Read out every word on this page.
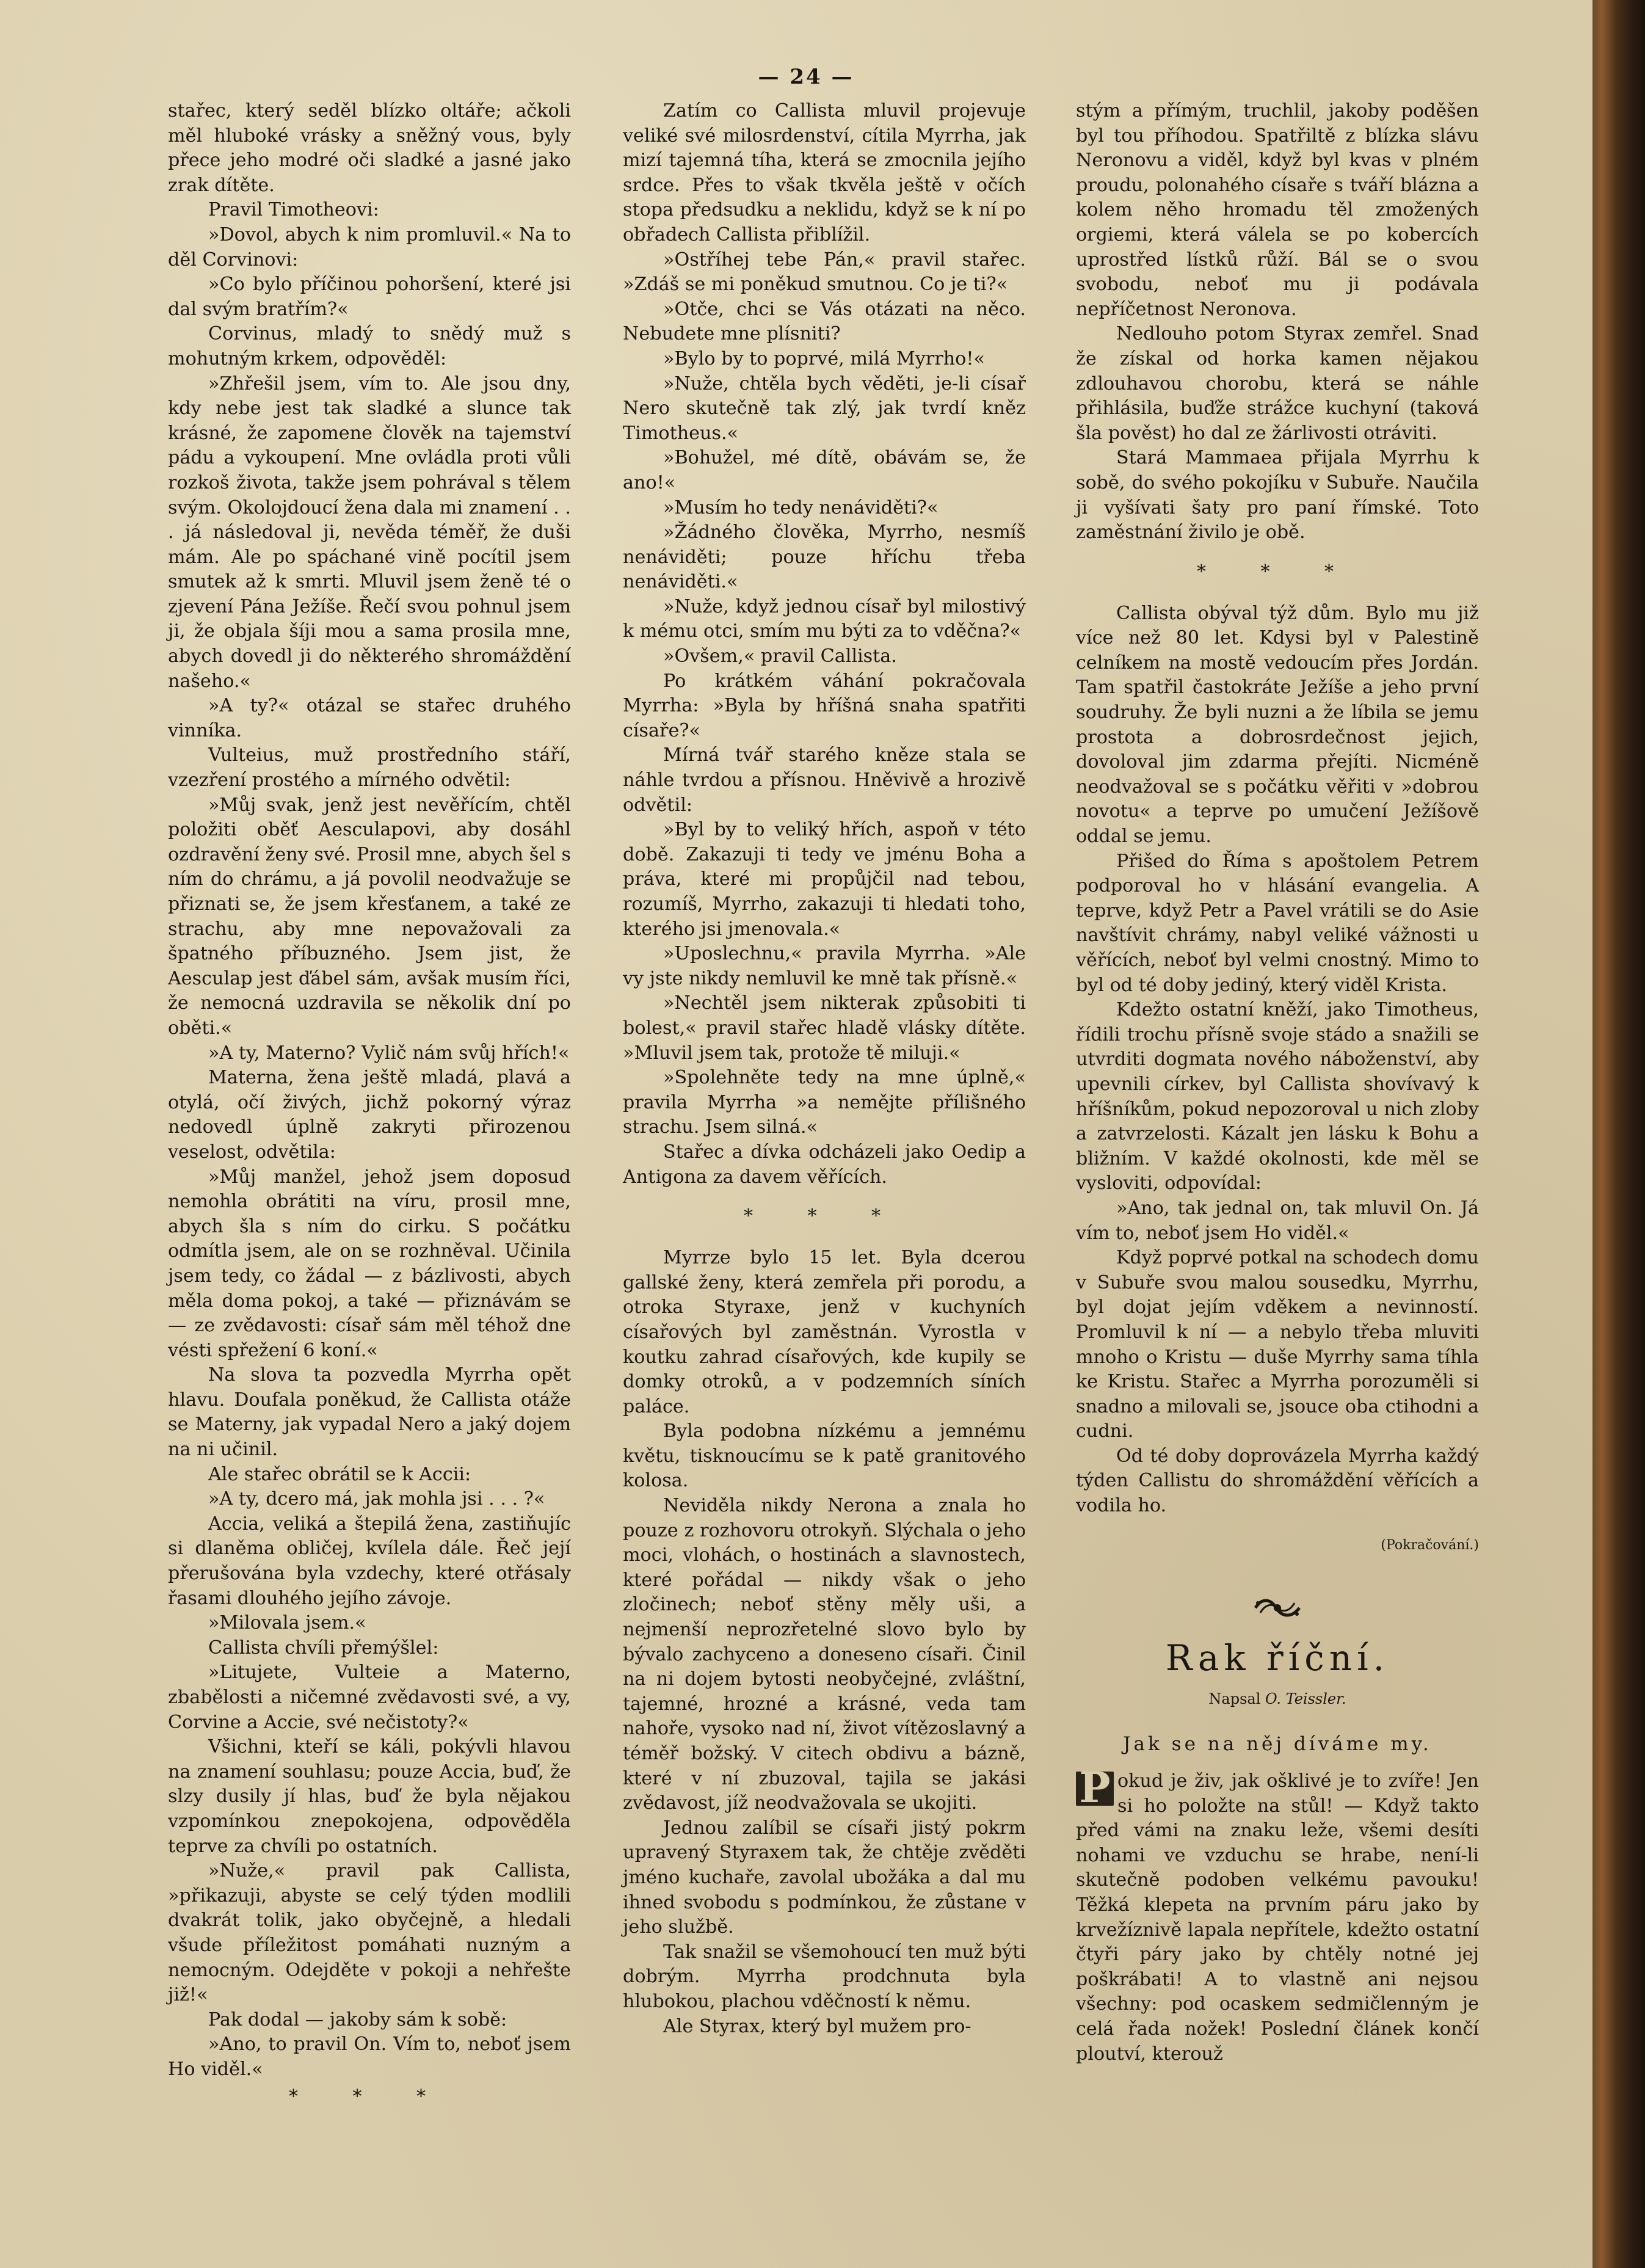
— 24 —

stařec, který seděl blízko oltáře; ačkoli měl hluboké vrásky a sněžný vous, byly přece jeho modré oči sladké a jasné jako zrak dítěte.

Pravil Timotheovi:

»Dovol, abych k nim promluvil.« Na to děl Corvinovi:

»Co bylo příčinou pohoršení, které jsi dal svým bratřím?«

Corvinus, mladý to snědý muž s mohutným krkem, odpověděl:

»Zhřešil jsem, vím to. Ale jsou dny, kdy nebe jest tak sladké a slunce tak krásné, že zapomene člověk na tajemství pádu a vykoupení. Mne ovládla proti vůli rozkoš života, takže jsem pohrával s tělem svým. Okolojdoucí žena dala mi znamení . . . já následoval ji, nevěda téměř, že duši mám. Ale po spáchané vině pocítil jsem smutek až k smrti. Mluvil jsem ženě té o zjevení Pána Ježíše. Řečí svou pohnul jsem ji, že objala šíji mou a sama prosila mne, abych dovedl ji do některého shromáždění našeho.«

»A ty?« otázal se stařec druhého vinníka.

Vulteius, muž prostředního stáří, vzezření prostého a mírného odvětil:

»Můj svak, jenž jest nevěřícím, chtěl položiti oběť Aesculapovi, aby dosáhl ozdravění ženy své. Prosil mne, abych šel s ním do chrámu, a já povolil neodvažuje se přiznati se, že jsem křesťanem, a také ze strachu, aby mne nepovažovali za špatného příbuzného. Jsem jist, že Aesculap jest ďábel sám, avšak musím říci, že nemocná uzdravila se několik dní po oběti.«

»A ty, Materno? Vylič nám svůj hřích!«

Materna, žena ještě mladá, plavá a otylá, očí živých, jichž pokorný výraz nedovedl úplně zakryti přirozenou veselost, odvětila:

»Můj manžel, jehož jsem doposud nemohla obrátiti na víru, prosil mne, abych šla s ním do cirku. S počátku odmítla jsem, ale on se rozhněval. Učinila jsem tedy, co žádal — z bázlivosti, abych měla doma pokoj, a také — přiznávám se — ze zvědavosti: císař sám měl téhož dne vésti spřežení 6 koní.«

Na slova ta pozvedla Myrrha opět hlavu. Doufala poněkud, že Callista otáže se Materny, jak vypadal Nero a jaký dojem na ni učinil.

Ale stařec obrátil se k Accii:

»A ty, dcero má, jak mohla jsi . . . ?«

Accia, veliká a štepilá žena, zastiňujíc si dlaněma obličej, kvílela dále. Řeč její přerušována byla vzdechy, které otřásaly řasami dlouhého jejího závoje.

»Milovala jsem.«

Callista chvíli přemýšlel:

»Litujete, Vulteie a Materno, zbabělosti a ničemné zvědavosti své, a vy, Corvine a Accie, své nečistoty?«

Všichni, kteří se káli, pokývli hlavou na znamení souhlasu; pouze Accia, buď, že slzy dusily jí hlas, buď že byla nějakou vzpomínkou znepokojena, odpověděla teprve za chvíli po ostatních.

»Nuže,« pravil pak Callista, »přikazuji, abyste se celý týden modlili dvakrát tolik, jako obyčejně, a hledali všude příležitost pomáhati nuzným a nemocným. Odejděte v pokoji a nehřešte již!«

Pak dodal — jakoby sám k sobě:

»Ano, to pravil On. Vím to, neboť jsem Ho viděl.«

* * *

Zatím co Callista mluvil projevuje veliké své milosrdenství, cítila Myrrha, jak mizí tajemná tíha, která se zmocnila jejího srdce. Přes to však tkvěla ještě v očích stopa předsudku a neklidu, když se k ní po obřadech Callista přiblížil.

»Ostříhej tebe Pán,« pravil stařec. »Zdáš se mi poněkud smutnou. Co je ti?«

»Otče, chci se Vás otázati na něco. Nebudete mne plísniti?

»Bylo by to poprvé, milá Myrrho!«

»Nuže, chtěla bych věděti, je-li císař Nero skutečně tak zlý, jak tvrdí kněz Timotheus.«

»Bohužel, mé dítě, obávám se, že ano!«

»Musím ho tedy nenáviděti?«

»Žádného člověka, Myrrho, nesmíš nenáviděti; pouze hříchu třeba nenáviděti.«

»Nuže, když jednou císař byl milostivý k mému otci, smím mu býti za to vděčna?«

»Ovšem,« pravil Callista.

Po krátkém váhání pokračovala Myrrha: »Byla by hříšná snaha spatřiti císaře?«

Mírná tvář starého kněze stala se náhle tvrdou a přísnou. Hněvivě a hrozivě odvětil:

»Byl by to veliký hřích, aspoň v této době. Zakazuji ti tedy ve jménu Boha a práva, které mi propůjčil nad tebou, rozumíš, Myrrho, zakazuji ti hledati toho, kterého jsi jmenovala.«

»Uposlechnu,« pravila Myrrha. »Ale vy jste nikdy nemluvil ke mně tak přísně.«

»Nechtěl jsem nikterak způsobiti ti bolest,« pravil stařec hladě vlásky dítěte. »Mluvil jsem tak, protože tě miluji.«

»Spolehněte tedy na mne úplně,« pravila Myrrha »a nemějte přílišného strachu. Jsem silná.«

Stařec a dívka odcházeli jako Oedip a Antigona za davem věřících.

* * *

Myrrze bylo 15 let. Byla dcerou gallské ženy, která zemřela při porodu, a otroka Styraxe, jenž v kuchyních císařových byl zaměstnán. Vyrostla v koutku zahrad císařových, kde kupily se domky otroků, a v podzemních síních paláce.

Byla podobna nízkému a jemnému květu, tisknoucímu se k patě granitového kolosa.

Neviděla nikdy Nerona a znala ho pouze z rozhovoru otrokyň. Slýchala o jeho moci, vlohách, o hostinách a slavnostech, které pořádal — nikdy však o jeho zločinech; neboť stěny měly uši, a nejmenší neprozřetelné slovo bylo by bývalo zachyceno a doneseno císaři. Činil na ni dojem bytosti neobyčejné, zvláštní, tajemné, hrozné a krásné, veda tam nahoře, vysoko nad ní, život vítězoslavný a téměř božský. V citech obdivu a bázně, které v ní zbuzoval, tajila se jakási zvědavost, jíž neodvažovala se ukojiti.

Jednou zalíbil se císaři jistý pokrm upravený Styraxem tak, že chtěje zvěděti jméno kuchaře, zavolal ubožáka a dal mu ihned svobodu s podmínkou, že zůstane v jeho službě.

Tak snažil se všemohoucí ten muž býti dobrým. Myrrha prodchnuta byla hlubokou, plachou vděčností k němu.

Ale Styrax, který byl mužem pro-

stým a přímým, truchlil, jakoby poděšen byl tou příhodou. Spatřiltě z blízka slávu Neronovu a viděl, když byl kvas v plném proudu, polonahého císaře s tváří blázna a kolem něho hromadu těl zmožených orgiemi, která válela se po kobercích uprostřed lístků růží. Bál se o svou svobodu, neboť mu ji podávala nepříčetnost Neronova.

Nedlouho potom Styrax zemřel. Snad že získal od horka kamen nějakou zdlouhavou chorobu, která se náhle přihlásila, buďže strážce kuchyní (taková šla pověst) ho dal ze žárlivosti otráviti.

Stará Mammaea přijala Myrrhu k sobě, do svého pokojíku v Subuře. Naučila ji vyšívati šaty pro paní římské. Toto zaměstnání živilo je obě.

* * *

Callista obýval týž dům. Bylo mu již více než 80 let. Kdysi byl v Palestině celníkem na mostě vedoucím přes Jordán. Tam spatřil častokráte Ježíše a jeho první soudruhy. Že byli nuzni a že líbila se jemu prostota a dobrosrdečnost jejich, dovoloval jim zdarma přejíti. Nicméně neodvažoval se s počátku věřiti v »dobrou novotu« a teprve po umučení Ježíšově oddal se jemu.

Přišed do Říma s apoštolem Petrem podporoval ho v hlásání evangelia. A teprve, když Petr a Pavel vrátili se do Asie navštívit chrámy, nabyl veliké vážnosti u věřících, neboť byl velmi cnostný. Mimo to byl od té doby jediný, který viděl Krista.

Kdežto ostatní kněží, jako Timotheus, řídili trochu přísně svoje stádo a snažili se utvrditi dogmata nového náboženství, aby upevnili církev, byl Callista shovívavý k hříšníkům, pokud nepozoroval u nich zloby a zatvrzelosti. Kázalt jen lásku k Bohu a bližním. V každé okolnosti, kde měl se vysloviti, odpovídal:

»Ano, tak jednal on, tak mluvil On. Já vím to, neboť jsem Ho viděl.«

Když poprvé potkal na schodech domu v Subuře svou malou sousedku, Myrrhu, byl dojat jejím vděkem a nevinností. Promluvil k ní — a nebylo třeba mluviti mnoho o Kristu — duše Myrrhy sama tíhla ke Kristu. Stařec a Myrrha porozuměli si snadno a milovali se, jsouce oba ctihodni a cudni.

Od té doby doprovázela Myrrha každý týden Callistu do shromáždění věřících a vodila ho.

(Pokračování.)
Rak říční.
Napsal O. Teissler.
Jak se na něj díváme my.

P okud je živ, jak ošklivé je to zvíře! Jen si ho položte na stůl! — Když takto před vámi na znaku leže, všemi desíti nohami ve vzduchu se hrabe, není-li skutečně podoben velkému pavouku! Těžká klepeta na prvním páru jako by krvežíznivě lapala nepřítele, kdežto ostatní čtyři páry jako by chtěly notné jej poškrábati! A to vlastně ani nejsou všechny: pod ocaskem sedmičlenným je celá řada nožek! Poslední článek končí ploutví, kterouž
